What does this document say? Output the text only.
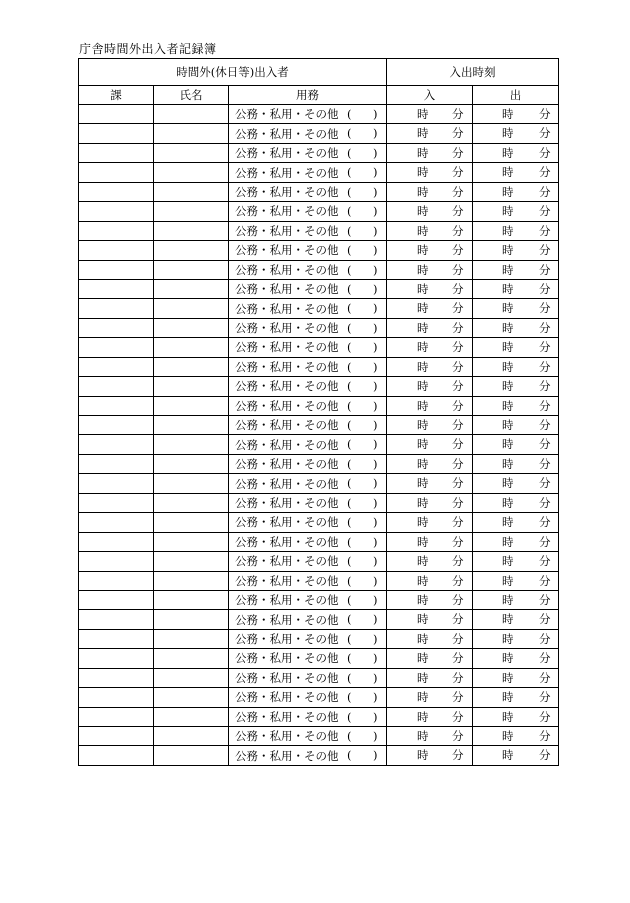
庁舎時間外出入者記録簿
時間外(休日等)出入者			入出時刻	
課	氏名	用務	入	出
		公務・私用・その他 ( )	時 分	時 分

		公務・私用・その他 ( )	時 分	時 分

		公務・私用・その他 ( )	時 分	時 分

		公務・私用・その他 ( )	時 分	時 分

		公務・私用・その他 ( )	時 分	時 分

		公務・私用・その他 ( )	時 分	時 分

		公務・私用・その他 ( )	時 分	時 分

		公務・私用・その他 ( )	時 分	時 分

		公務・私用・その他 ( )	時 分	時 分

		公務・私用・その他 ( )	時 分	時 分

		公務・私用・その他 ( )	時 分	時 分

		公務・私用・その他 ( )	時 分	時 分

		公務・私用・その他 ( )	時 分	時 分

		公務・私用・その他 ( )	時 分	時 分

		公務・私用・その他 ( )	時 分	時 分

		公務・私用・その他 ( )	時 分	時 分

		公務・私用・その他 ( )	時 分	時 分

		公務・私用・その他 ( )	時 分	時 分

		公務・私用・その他 ( )	時 分	時 分

		公務・私用・その他 ( )	時 分	時 分

		公務・私用・その他 ( )	時 分	時 分

		公務・私用・その他 ( )	時 分	時 分

		公務・私用・その他 ( )	時 分	時 分

		公務・私用・その他 ( )	時 分	時 分

		公務・私用・その他 ( )	時 分	時 分

		公務・私用・その他 ( )	時 分	時 分

		公務・私用・その他 ( )	時 分	時 分

		公務・私用・その他 ( )	時 分	時 分

		公務・私用・その他 ( )	時 分	時 分

		公務・私用・その他 ( )	時 分	時 分

		公務・私用・その他 ( )	時 分	時 分

		公務・私用・その他 ( )	時 分	時 分

		公務・私用・その他 ( )	時 分	時 分

		公務・私用・その他 ( )	時 分	時 分
